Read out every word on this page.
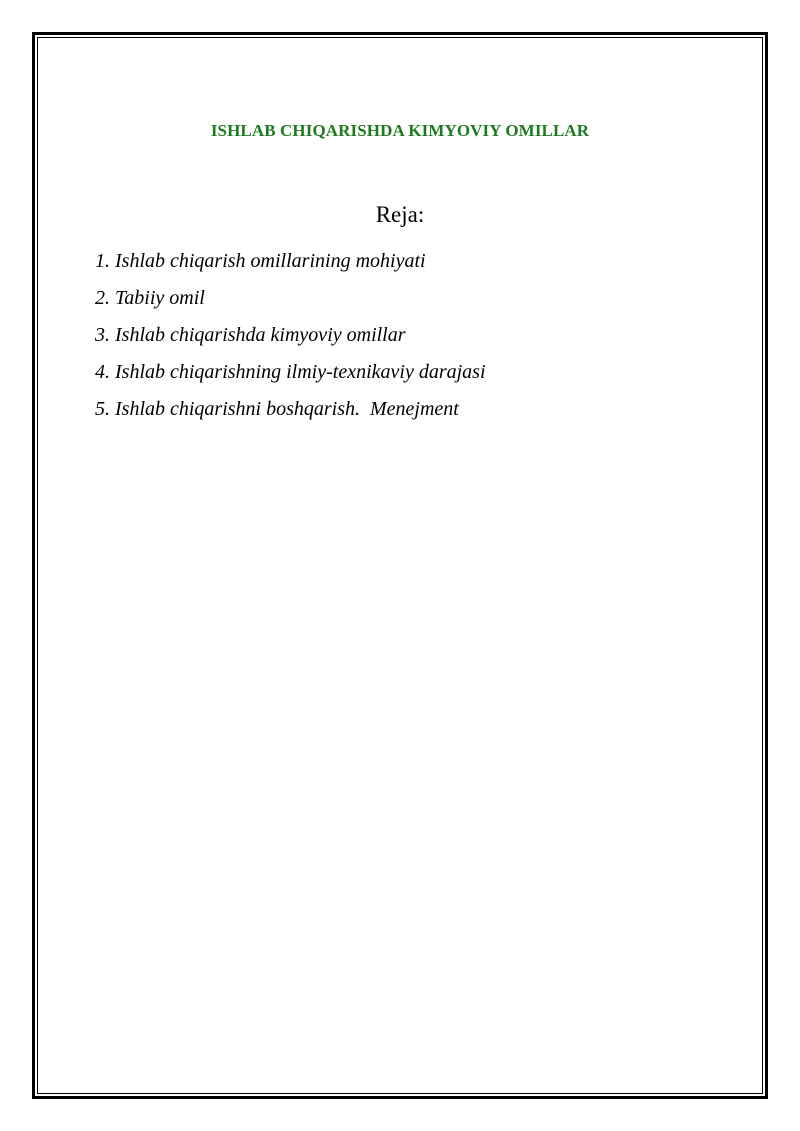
ISHLAB CHIQARISHDA KIMYOVIY OMILLAR
Reja:
1. Ishlab chiqarish omillarining mohiyati
2. Tabiiy omil
3. Ishlab chiqarishda kimyoviy omillar
4. Ishlab chiqarishning ilmiy-texnikaviy darajasi
5. Ishlab chiqarishni boshqarish.  Menejment
